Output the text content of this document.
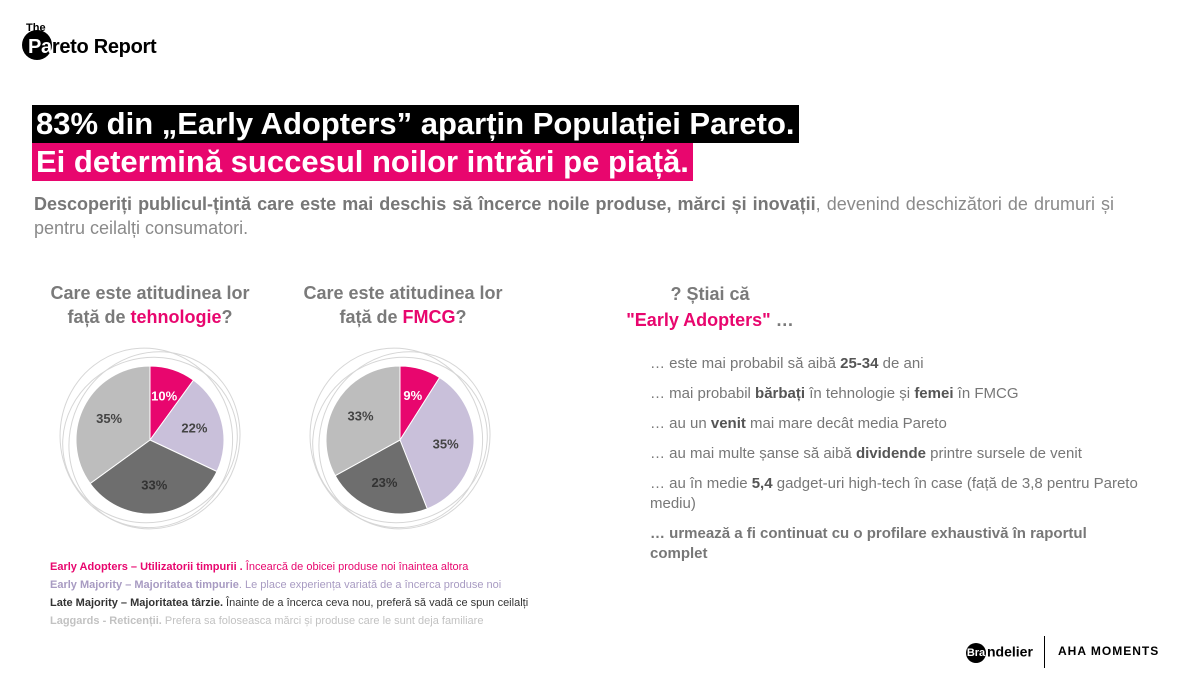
The
Pareto Report
83% din „Early Adopters” aparțin Populației Pareto.
Ei determină succesul noilor intrări pe piață.

Descoperiți publicul-țintă care este mai deschis să încerce noile produse, mărci și inovații, devenind deschizători de drumuri și pentru ceilalți consumatori.

Care este atitudinea lor față de tehnologie?
Care este atitudinea lor față de FMCG?
10%
22%
33%
35%
9%
35%
23%
33%
Early Adopters – Utilizatorii timpurii . Încearcă de obicei produse noi înaintea altora
Early Majority – Majoritatea timpurie. Le place experiența variată de a încerca produse noi
Late Majority – Majoritatea târzie. Înainte de a încerca ceva nou, preferă să vadă ce spun ceilalți
Laggards - Reticenții. Prefera sa foloseasca mărci și produse care le sunt deja familiare
? Știai că
"Early Adopters" …
… este mai probabil să aibă 25-34 de ani
… mai probabil bărbați în tehnologie și femei în FMCG
… au un venit mai mare decât media Pareto
… au mai multe șanse să aibă dividende printre sursele de venit
… au în medie 5,4 gadget-uri high-tech în case (față de 3,8 pentru Pareto mediu)
… urmează a fi continuat cu o profilare exhaustivă în raportul complet
Bra ndelier AHA MOMENTS
